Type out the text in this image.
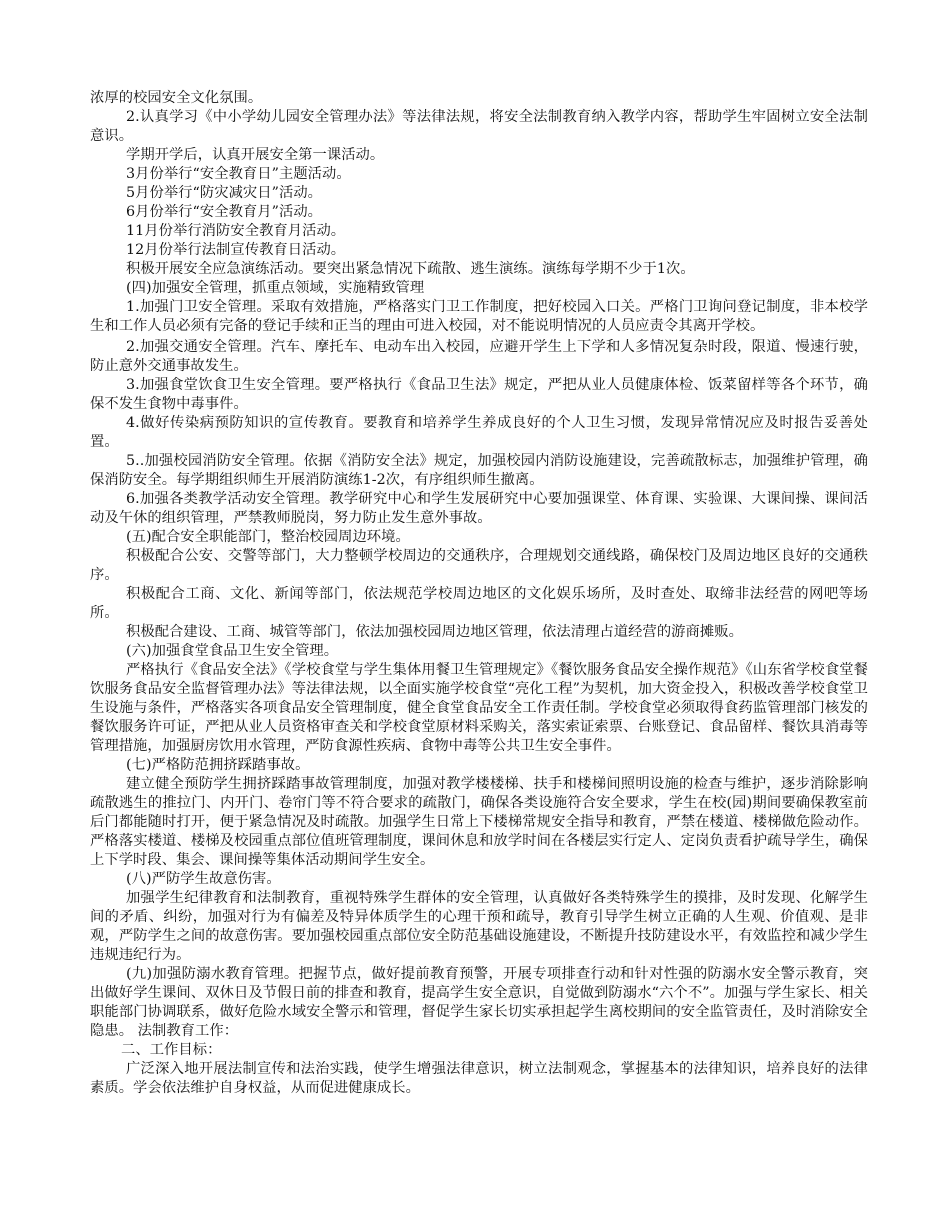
浓厚的校园安全文化氛围。

2.认真学习《中小学幼儿园安全管理办法》等法律法规，将安全法制教育纳入教学内容，帮助学生牢固树立安全法制意识。

学期开学后，认真开展安全第一课活动。

3月份举行“安全教育日”主题活动。

5月份举行“防灾减灾日”活动。

6月份举行“安全教育月”活动。

11月份举行消防安全教育月活动。

12月份举行法制宣传教育日活动。

积极开展安全应急演练活动。要突出紧急情况下疏散、逃生演练。演练每学期不少于1次。

(四)加强安全管理，抓重点领域，实施精致管理

1.加强门卫安全管理。采取有效措施，严格落实门卫工作制度，把好校园入口关。严格门卫询问登记制度，非本校学生和工作人员必须有完备的登记手续和正当的理由可进入校园，对不能说明情况的人员应责令其离开学校。

2.加强交通安全管理。汽车、摩托车、电动车出入校园，应避开学生上下学和人多情况复杂时段，限道、慢速行驶，防止意外交通事故发生。

3.加强食堂饮食卫生安全管理。要严格执行《食品卫生法》规定，严把从业人员健康体检、饭菜留样等各个环节，确保不发生食物中毒事件。

4.做好传染病预防知识的宣传教育。要教育和培养学生养成良好的个人卫生习惯，发现异常情况应及时报告妥善处置。

5..加强校园消防安全管理。依据《消防安全法》规定，加强校园内消防设施建设，完善疏散标志，加强维护管理，确保消防安全。每学期组织师生开展消防演练1-2次，有序组织师生撤离。

6.加强各类教学活动安全管理。教学研究中心和学生发展研究中心要加强课堂、体育课、实验课、大课间操、课间活动及午休的组织管理，严禁教师脱岗，努力防止发生意外事故。

(五)配合安全职能部门，整治校园周边环境。

积极配合公安、交警等部门，大力整顿学校周边的交通秩序，合理规划交通线路，确保校门及周边地区良好的交通秩序。

积极配合工商、文化、新闻等部门，依法规范学校周边地区的文化娱乐场所，及时查处、取缔非法经营的网吧等场所。

积极配合建设、工商、城管等部门，依法加强校园周边地区管理，依法清理占道经营的游商摊贩。

(六)加强食堂食品卫生安全管理。

严格执行《食品安全法》《学校食堂与学生集体用餐卫生管理规定》《餐饮服务食品安全操作规范》《山东省学校食堂餐饮服务食品安全监督管理办法》等法律法规，以全面实施学校食堂“亮化工程”为契机，加大资金投入，积极改善学校食堂卫生设施与条件，严格落实各项食品安全管理制度，健全食堂食品安全工作责任制。学校食堂必须取得食药监管理部门核发的餐饮服务许可证，严把从业人员资格审查关和学校食堂原材料采购关，落实索证索票、台账登记、食品留样、餐饮具消毒等管理措施，加强厨房饮用水管理，严防食源性疾病、食物中毒等公共卫生安全事件。

(七)严格防范拥挤踩踏事故。

建立健全预防学生拥挤踩踏事故管理制度，加强对教学楼楼梯、扶手和楼梯间照明设施的检查与维护，逐步消除影响疏散逃生的推拉门、内开门、卷帘门等不符合要求的疏散门，确保各类设施符合安全要求，学生在校(园)期间要确保教室前后门都能随时打开，便于紧急情况及时疏散。加强学生日常上下楼梯常规安全指导和教育，严禁在楼道、楼梯做危险动作。严格落实楼道、楼梯及校园重点部位值班管理制度，课间休息和放学时间在各楼层实行定人、定岗负责看护疏导学生，确保上下学时段、集会、课间操等集体活动期间学生安全。

(八)严防学生故意伤害。

加强学生纪律教育和法制教育，重视特殊学生群体的安全管理，认真做好各类特殊学生的摸排，及时发现、化解学生间的矛盾、纠纷，加强对行为有偏差及特异体质学生的心理干预和疏导，教育引导学生树立正确的人生观、价值观、是非观，严防学生之间的故意伤害。要加强校园重点部位安全防范基础设施建设，不断提升技防建设水平，有效监控和减少学生违规违纪行为。

(九)加强防溺水教育管理。把握节点，做好提前教育预警，开展专项排查行动和针对性强的防溺水安全警示教育，突出做好学生课间、双休日及节假日前的排查和教育，提高学生安全意识，自觉做到防溺水“六个不”。加强与学生家长、相关职能部门协调联系，做好危险水域安全警示和管理，督促学生家长切实承担起学生离校期间的安全监管责任，及时消除安全隐患。 法制教育工作：

二、工作目标：

广泛深入地开展法制宣传和法治实践，使学生增强法律意识，树立法制观念，掌握基本的法律知识，培养良好的法律素质。学会依法维护自身权益，从而促进健康成长。
